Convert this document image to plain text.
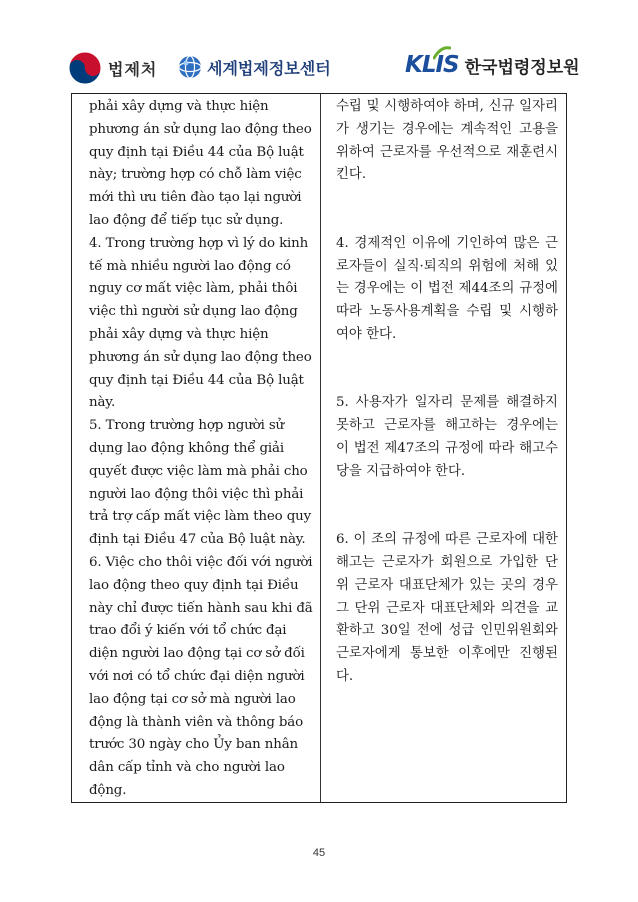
법제처	세계법제정보센터	KLIS 한국법령정보원

phải xây dựng và thực hiện phương án sử dụng lao động theo quy định tại Điều 44 của Bộ luật này; trường hợp có chỗ làm việc mới thì ưu tiên đào tạo lại người lao động để tiếp tục sử dụng.

4. Trong trường hợp vì lý do kinh tế mà nhiều người lao động có nguy cơ mất việc làm, phải thôi việc thì người sử dụng lao động phải xây dựng và thực hiện phương án sử dụng lao động theo quy định tại Điều 44 của Bộ luật này.

5. Trong trường hợp người sử dụng lao động không thể giải quyết được việc làm mà phải cho người lao động thôi việc thì phải trả trợ cấp mất việc làm theo quy định tại Điều 47 của Bộ luật này.

6. Việc cho thôi việc đối với người lao động theo quy định tại Điều này chỉ được tiến hành sau khi đã trao đổi ý kiến với tổ chức đại diện người lao động tại cơ sở đối với nơi có tổ chức đại diện người lao động tại cơ sở mà người lao động là thành viên và thông báo trước 30 ngày cho Ủy ban nhân dân cấp tỉnh và cho người lao động.

수립 및 시행하여야 하며, 신규 일자리가 생기는 경우에는 계속적인 고용을 위하여 근로자를 우선적으로 재훈련시킨다.

4. 경제적인 이유에 기인하여 많은 근로자들이 실직·퇴직의 위험에 처해 있는 경우에는 이 법전 제44조의 규정에 따라 노동사용계획을 수립 및 시행하여야 한다.

5. 사용자가 일자리 문제를 해결하지 못하고 근로자를 해고하는 경우에는 이 법전 제47조의 규정에 따라 해고수당을 지급하여야 한다.

6. 이 조의 규정에 따른 근로자에 대한 해고는 근로자가 회원으로 가입한 단위 근로자 대표단체가 있는 곳의 경우 그 단위 근로자 대표단체와 의견을 교환하고 30일 전에 성급 인민위원회와 근로자에게 통보한 이후에만 진행된다.

45
